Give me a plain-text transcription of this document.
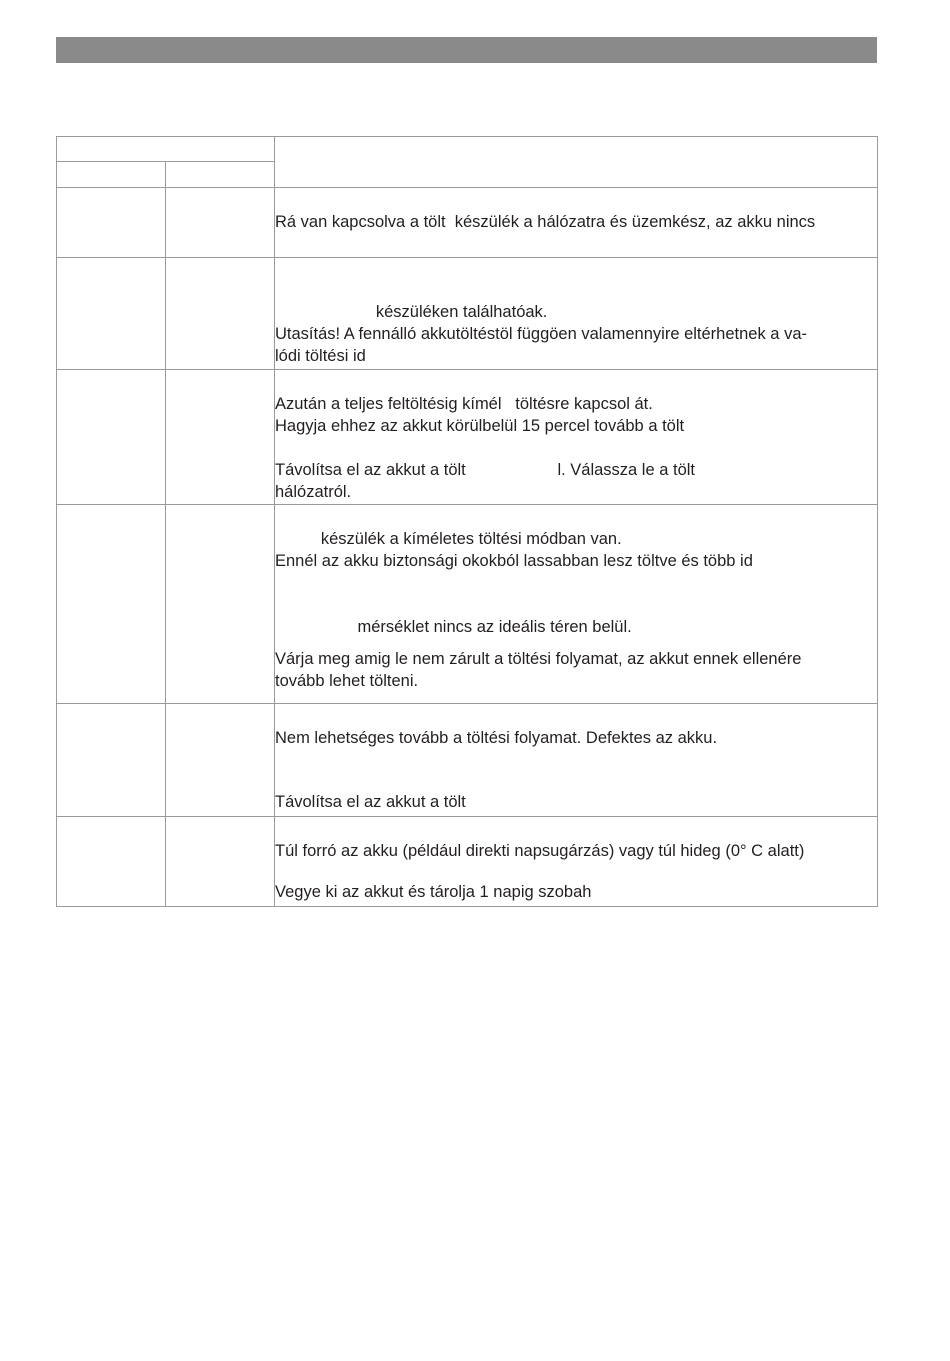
		Rá van kapcsolva a tölt  készülék a hálózatra és üzemkész, az akku nincs

		készüléken találhatóak.
Utasítás! A fennálló akkutöltéstöl függöen valamennyire eltérhetnek a va-
lódi töltési id

		Azután a teljes feltöltésig kímél   töltésre kapcsol át.
Hagyja ehhez az akkut körülbelül 15 percel tovább a tölt
Távolítsa el az akkut a tölt                    l. Válassza le a tölt
hálózatról.

		készülék a kíméletes töltési módban van.
Ennél az akku biztonsági okokból lassabban lesz töltve és több id
mérséklet nincs az ideális téren belül.
Várja meg amig le nem zárult a töltési folyamat, az akkut ennek ellenére
tovább lehet tölteni.

		Nem lehetséges tovább a töltési folyamat. Defektes az akku.
Távolítsa el az akkut a tölt

		Túl forró az akku (például direkti napsugárzás) vagy túl hideg (0° C alatt)
Vegye ki az akkut és tárolja 1 napig szobah
